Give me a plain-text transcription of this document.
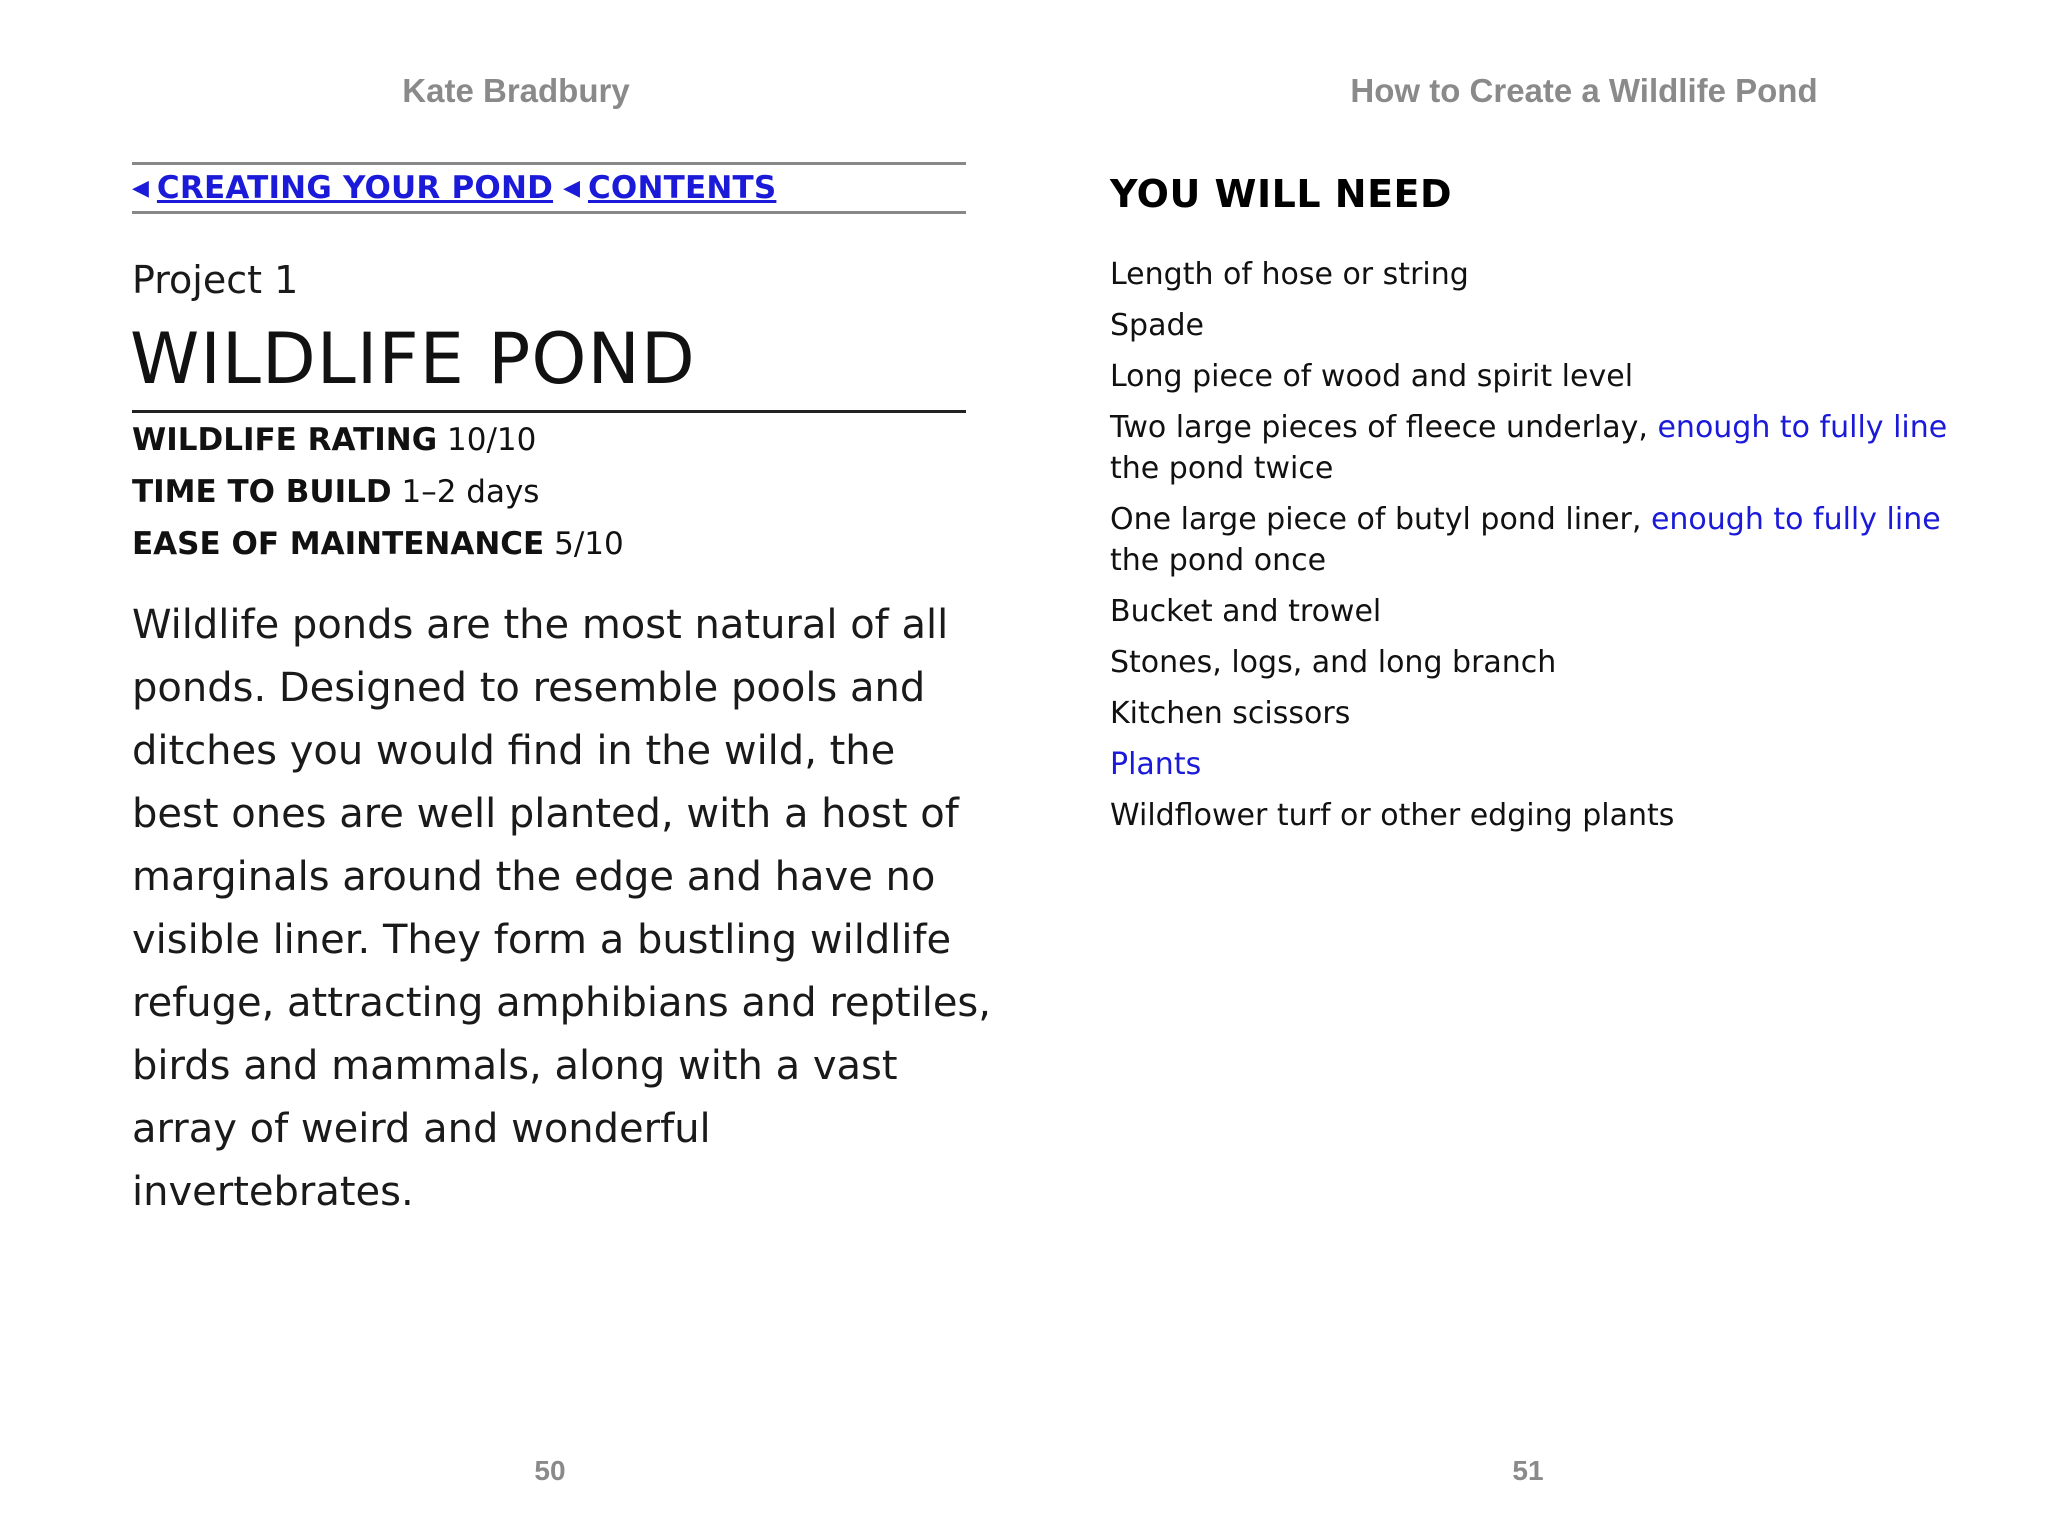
Kate Bradbury
◀ CREATING YOUR POND ◀ CONTENTS
Project 1
WILDLIFE POND
WILDLIFE RATING 10/10
TIME TO BUILD 1–2 days
EASE OF MAINTENANCE 5/10
Wildlife ponds are the most natural of all ponds. Designed to resemble pools and ditches you would find in the wild, the best ones are well planted, with a host of marginals around the edge and have no visible liner. They form a bustling wildlife refuge, attracting amphibians and reptiles, birds and mammals, along with a vast array of weird and wonderful invertebrates.
50
How to Create a Wildlife Pond
YOU WILL NEED
Length of hose or string
Spade
Long piece of wood and spirit level
Two large pieces of fleece underlay, enough to fully line the pond twice
One large piece of butyl pond liner, enough to fully line the pond once
Bucket and trowel
Stones, logs, and long branch
Kitchen scissors
Plants
Wildflower turf or other edging plants
51
